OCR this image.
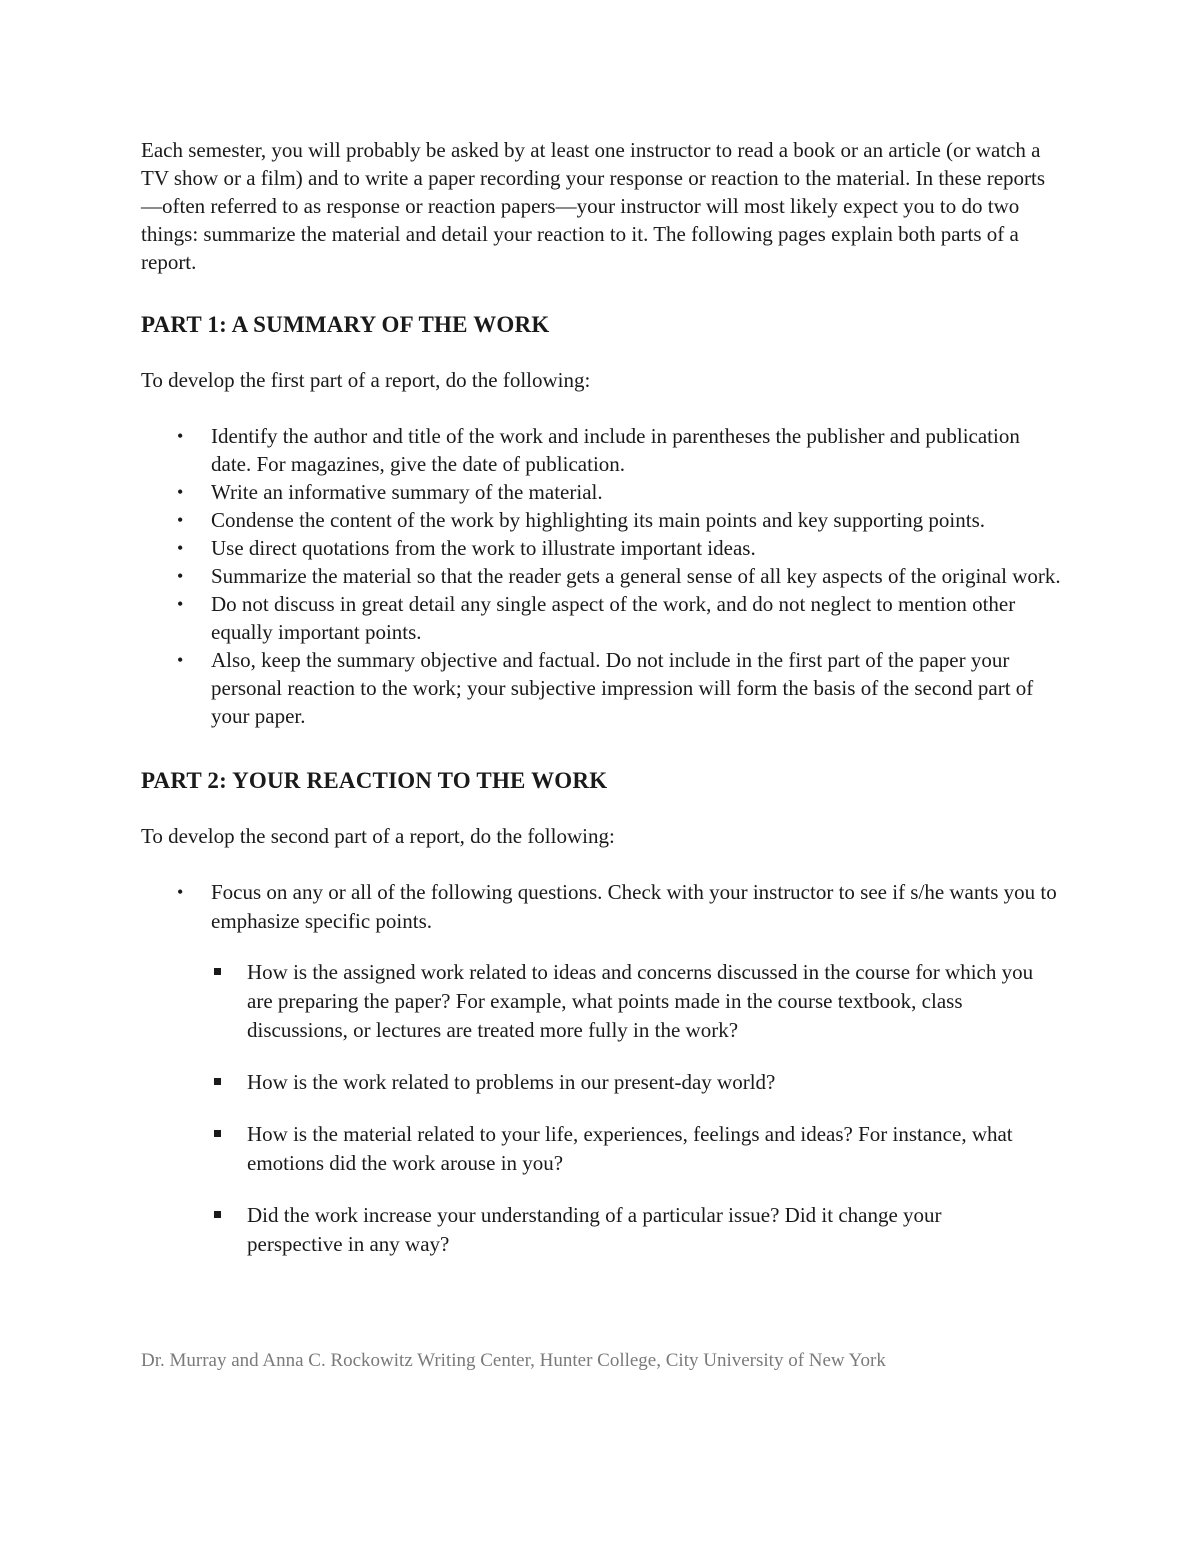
Each semester, you will probably be asked by at least one instructor to read a book or an article (or watch a TV show or a film) and to write a paper recording your response or reaction to the material. In these reports—often referred to as response or reaction papers—your instructor will most likely expect you to do two things: summarize the material and detail your reaction to it. The following pages explain both parts of a report.

PART 1: A SUMMARY OF THE WORK

To develop the first part of a report, do the following:

• Identify the author and title of the work and include in parentheses the publisher and publication date. For magazines, give the date of publication.
• Write an informative summary of the material.
• Condense the content of the work by highlighting its main points and key supporting points.
• Use direct quotations from the work to illustrate important ideas.
• Summarize the material so that the reader gets a general sense of all key aspects of the original work.
• Do not discuss in great detail any single aspect of the work, and do not neglect to mention other equally important points.
• Also, keep the summary objective and factual. Do not include in the first part of the paper your personal reaction to the work; your subjective impression will form the basis of the second part of your paper.
PART 2: YOUR REACTION TO THE WORK

To develop the second part of a report, do the following:

• Focus on any or all of the following questions. Check with your instructor to see if s/he wants you to emphasize specific points.
How is the assigned work related to ideas and concerns discussed in the course for which you are preparing the paper? For example, what points made in the course textbook, class discussions, or lectures are treated more fully in the work?
How is the work related to problems in our present-day world?
How is the material related to your life, experiences, feelings and ideas? For instance, what emotions did the work arouse in you?
Did the work increase your understanding of a particular issue? Did it change your perspective in any way?
Dr. Murray and Anna C. Rockowitz Writing Center, Hunter College, City University of New York
